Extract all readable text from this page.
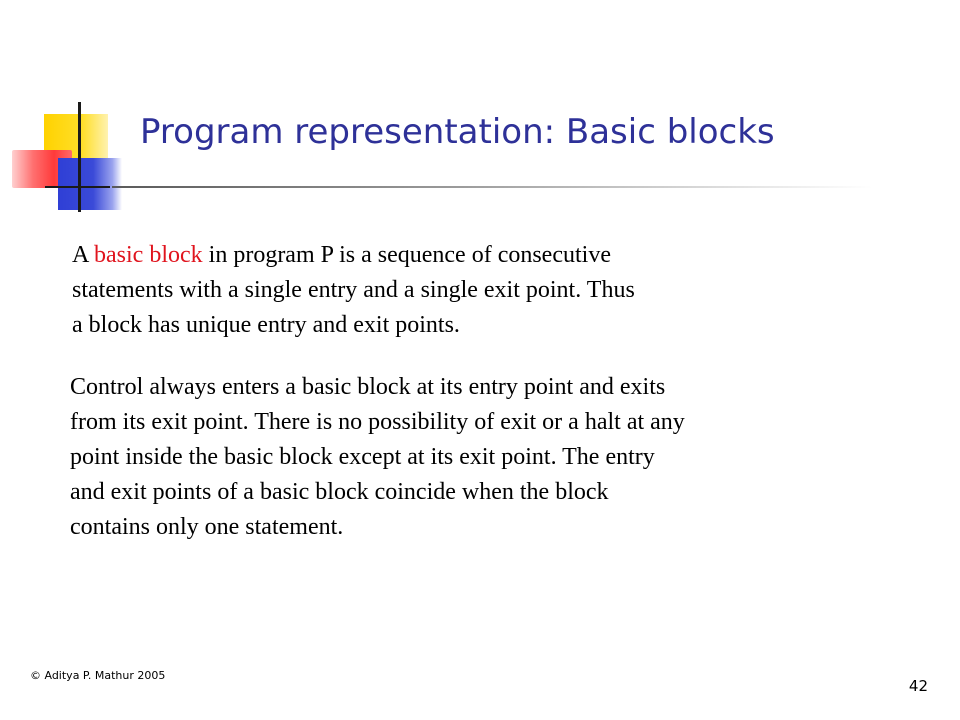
Program representation: Basic blocks
A basic block in program P is a sequence of consecutive
statements with a single entry and a single exit point. Thus
a block has unique entry and exit points.
Control always enters a basic block at its entry point and exits
from its exit point. There is no possibility of exit or a halt at any
point inside the basic block except at its exit point. The entry
and exit points of a basic block coincide when the block
contains only one statement.
© Aditya P. Mathur 2005
42
